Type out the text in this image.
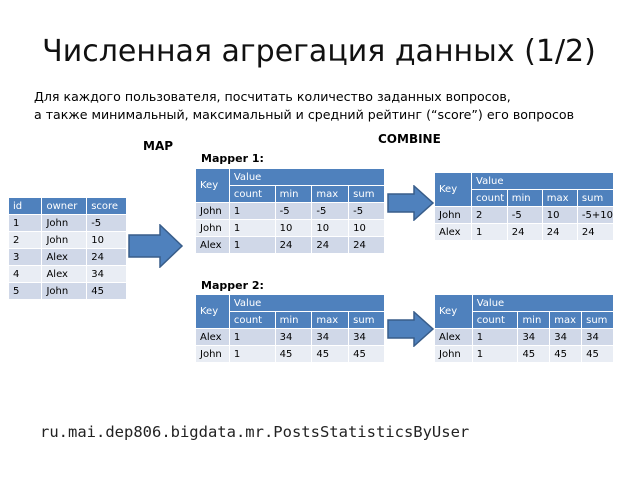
Численная агрегация данных (1/2)
Для каждого пользователя, посчитать количество заданных вопросов,
а также минимальный, максимальный и средний рейтинг (“score”) его вопросов
MAP	COMBINE
Mapper 1:
Mapper 2:
id	owner	score
1	John	-5
2	John	10
3	Alex	24
4	Alex	34
5	John	45
Key	Value			
	count	min	max	sum
John	1	-5	-5	-5
John	1	10	10	10
Alex	1	24	24	24
Key	Value			
	count	min	max	sum
John	2	-5	10	-5+10
Alex	1	24	24	24
Key	Value			
	count	min	max	sum
Alex	1	34	34	34
John	1	45	45	45
Key	Value			
	count	min	max	sum
Alex	1	34	34	34
John	1	45	45	45
ru.mai.dep806.bigdata.mr.PostsStatisticsByUser
